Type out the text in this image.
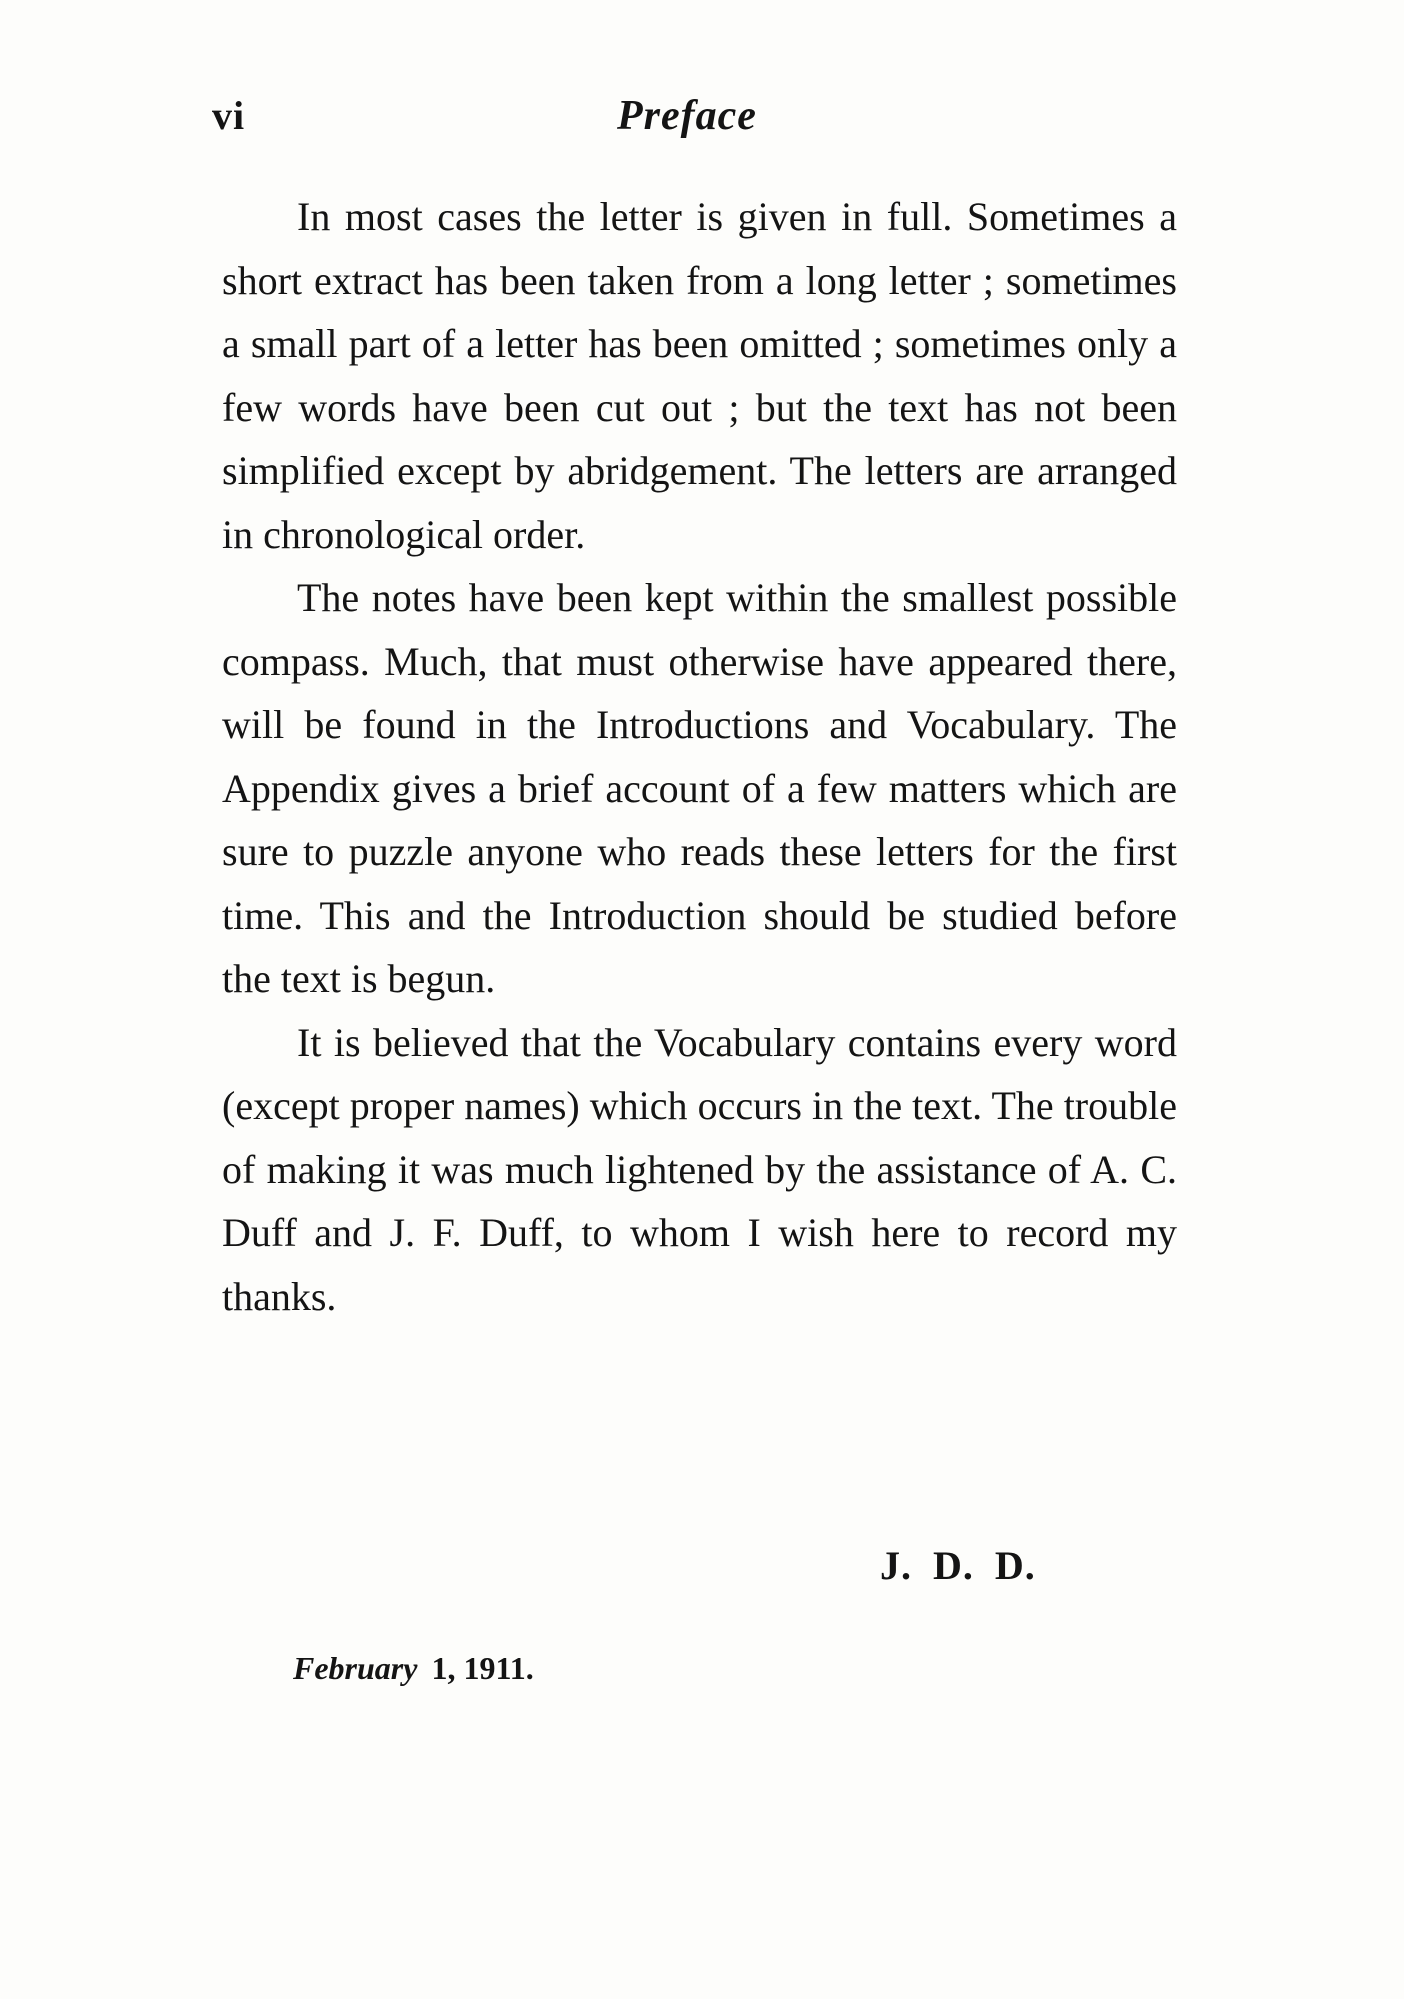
vi	Preface

In most cases the letter is given in full. Sometimes a short extract has been taken from a long letter ; sometimes a small part of a letter has been omitted ; sometimes only a few words have been cut out ; but the text has not been simplified except by abridgement. The letters are arranged in chronological order.

The notes have been kept within the smallest possible compass. Much, that must otherwise have appeared there, will be found in the Introductions and Vocabulary. The Appendix gives a brief account of a few matters which are sure to puzzle anyone who reads these letters for the first time. This and the Introduction should be studied before the text is begun.

It is believed that the Vocabulary contains every word (except proper names) which occurs in the text. The trouble of making it was much lightened by the assistance of A. C. Duff and J. F. Duff, to whom I wish here to record my thanks.

J. D. D.
February 1, 1911.
